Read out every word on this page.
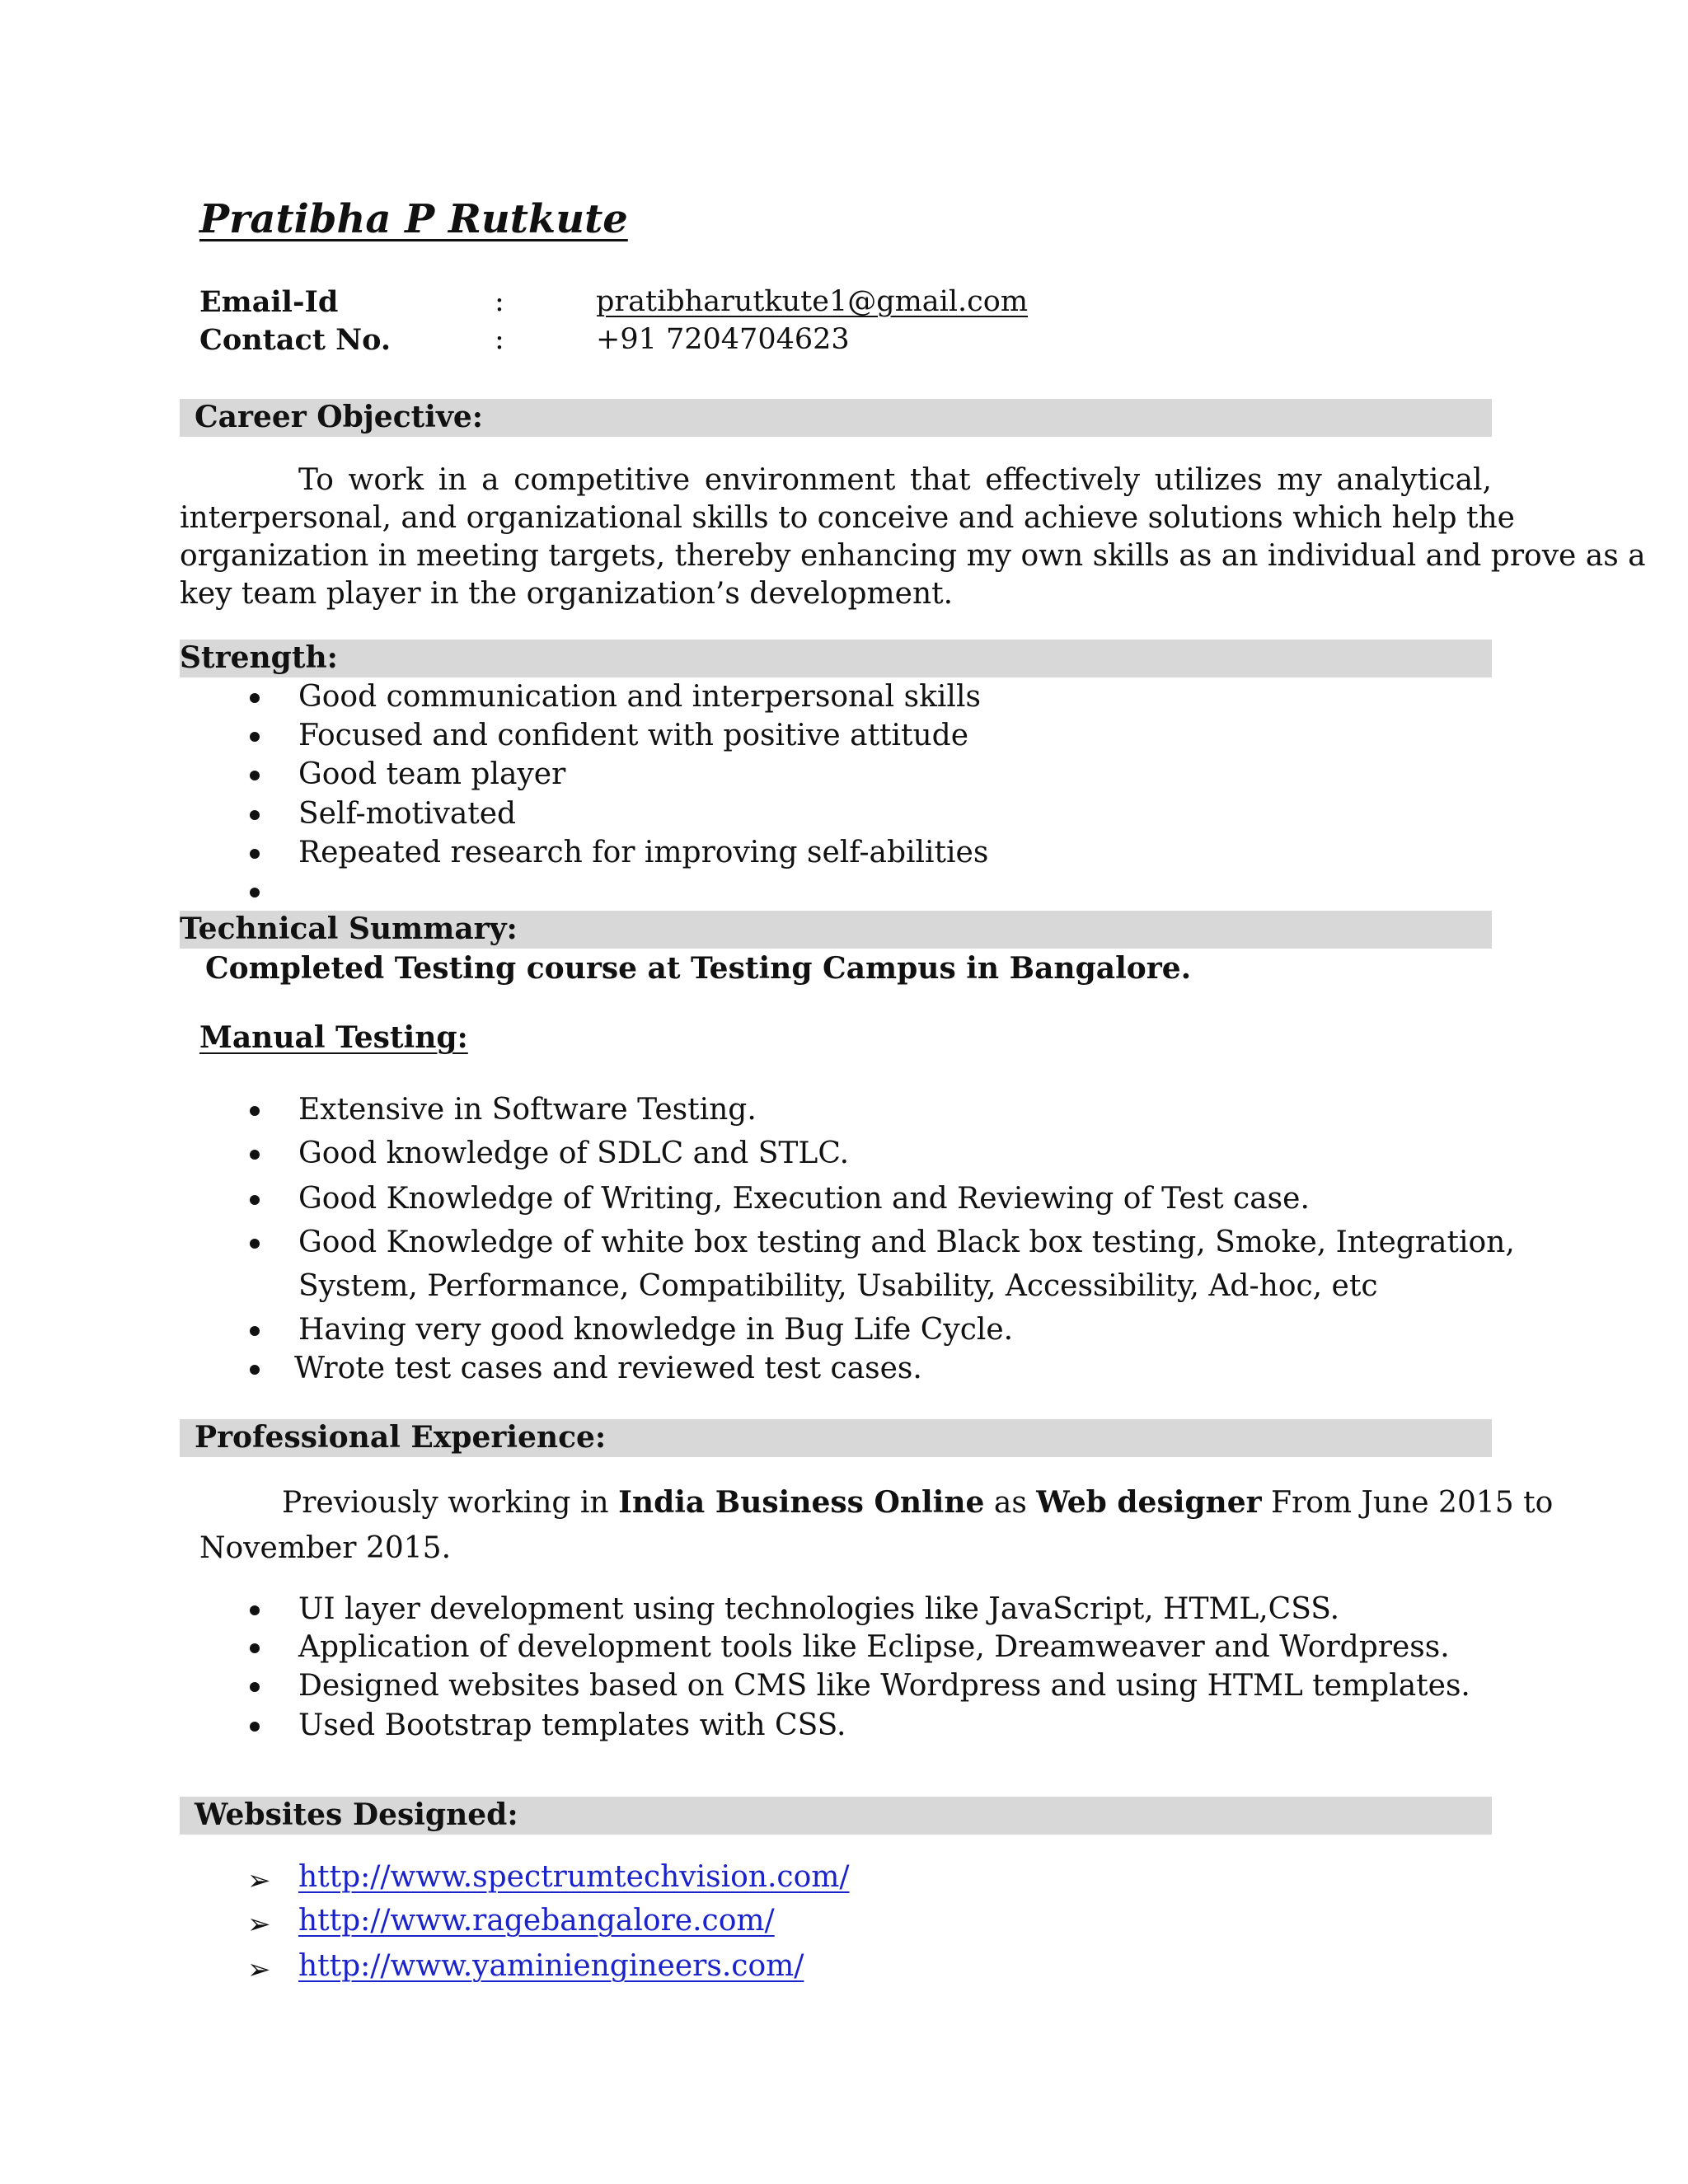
Pratibha P Rutkute
Email-Id	:	pratibharutkute1@gmail.com
Contact No.	:	+91 7204704623
Career Objective:
To work in a competitive environment that effectively utilizes my analytical,
interpersonal, and organizational skills to conceive and achieve solutions which help the
organization in meeting targets, thereby enhancing my own skills as an individual and prove as a
key team player in the organization’s development.
Strength:
Good communication and interpersonal skills
Focused and confident with positive attitude
Good team player
Self-motivated
Repeated research for improving self-abilities
Technical Summary:
Completed Testing course at Testing Campus in Bangalore.
Manual Testing:
Extensive in Software Testing.
Good knowledge of SDLC and STLC.
Good Knowledge of Writing, Execution and Reviewing of Test case.
Good Knowledge of white box testing and Black box testing, Smoke, Integration,
System, Performance, Compatibility, Usability, Accessibility, Ad-hoc, etc
Having very good knowledge in Bug Life Cycle.
Wrote test cases and reviewed test cases.
Professional Experience:
Previously working in India Business Online as Web designer From June 2015 to
November 2015.
UI layer development using technologies like JavaScript, HTML,CSS.
Application of development tools like Eclipse, Dreamweaver and Wordpress.
Designed websites based on CMS like Wordpress and using HTML templates.
Used Bootstrap templates with CSS.
Websites Designed:
➢ http://www.spectrumtechvision.com/
➢ http://www.ragebangalore.com/
➢ http://www.yaminiengineers.com/
